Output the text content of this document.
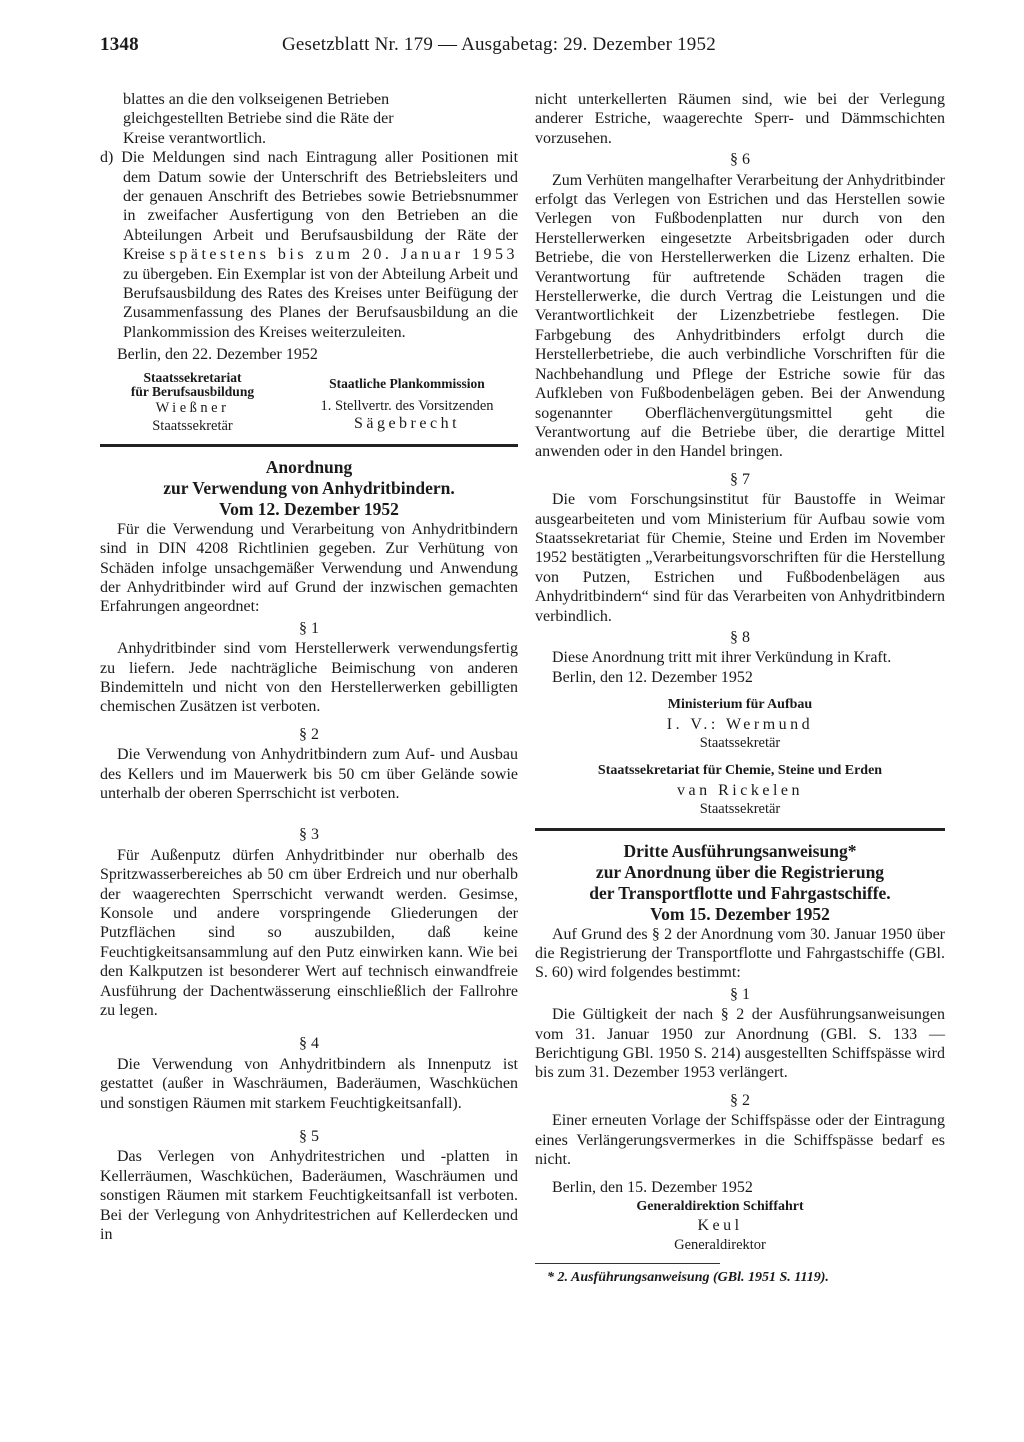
1348	Gesetzblatt Nr. 179 — Ausgabetag: 29. Dezember 1952
blattes an die den volkseigenen Betrieben
gleichgestellten Betriebe sind die Räte der
Kreise verantwortlich.
d) Die Meldungen sind nach Eintragung aller Positionen mit dem Datum sowie der Unterschrift des Betriebsleiters und der genauen Anschrift des Betriebes sowie Betriebsnummer in zweifacher Ausfertigung von den Betrieben an die Abteilungen Arbeit und Berufsausbildung der Räte der Kreise spätestens bis zum 20. Januar 1953 zu übergeben. Ein Exemplar ist von der Abteilung Arbeit und Berufsausbildung des Rates des Kreises unter Beifügung der Zusammenfassung des Planes der Berufsausbildung an die Plankommission des Kreises weiterzuleiten.
Berlin, den 22. Dezember 1952
Staatssekretariat
für Berufsausbildung
Wießner
Staatssekretär
Staatliche Plankommission
1. Stellvertr. des Vorsitzenden
Sägebrecht
Anordnung
zur Verwendung von Anhydritbindern.
Vom 12. Dezember 1952
Für die Verwendung und Verarbeitung von Anhydritbindern sind in DIN 4208 Richtlinien gegeben. Zur Verhütung von Schäden infolge unsachgemäßer Verwendung und Anwendung der Anhydritbinder wird auf Grund der inzwischen gemachten Erfahrungen angeordnet:
§ 1
Anhydritbinder sind vom Herstellerwerk verwendungsfertig zu liefern. Jede nachträgliche Beimischung von anderen Bindemitteln und nicht von den Herstellerwerken gebilligten chemischen Zusätzen ist verboten.
§ 2
Die Verwendung von Anhydritbindern zum Auf- und Ausbau des Kellers und im Mauerwerk bis 50 cm über Gelände sowie unterhalb der oberen Sperrschicht ist verboten.
§ 3
Für Außenputz dürfen Anhydritbinder nur oberhalb des Spritzwasserbereiches ab 50 cm über Erdreich und nur oberhalb der waagerechten Sperrschicht verwandt werden. Gesimse, Konsole und andere vorspringende Gliederungen der Putzflächen sind so auszubilden, daß keine Feuchtigkeitsansammlung auf den Putz einwirken kann. Wie bei den Kalkputzen ist besonderer Wert auf technisch einwandfreie Ausführung der Dachentwässerung einschließlich der Fallrohre zu legen.
§ 4
Die Verwendung von Anhydritbindern als Innenputz ist gestattet (außer in Waschräumen, Baderäumen, Waschküchen und sonstigen Räumen mit starkem Feuchtigkeitsanfall).
§ 5
Das Verlegen von Anhydritestrichen und -platten in Kellerräumen, Waschküchen, Baderäumen, Waschräumen und sonstigen Räumen mit starkem Feuchtigkeitsanfall ist verboten. Bei der Verlegung von Anhydritestrichen auf Kellerdecken und in
nicht unterkellerten Räumen sind, wie bei der Verlegung anderer Estriche, waagerechte Sperr- und Dämmschichten vorzusehen.
§ 6
Zum Verhüten mangelhafter Verarbeitung der Anhydritbinder erfolgt das Verlegen von Estrichen und das Herstellen sowie Verlegen von Fußbodenplatten nur durch von den Herstellerwerken eingesetzte Arbeitsbrigaden oder durch Betriebe, die von Herstellerwerken die Lizenz erhalten. Die Verantwortung für auftretende Schäden tragen die Herstellerwerke, die durch Vertrag die Leistungen und die Verantwortlichkeit der Lizenzbetriebe festlegen. Die Farbgebung des Anhydritbinders erfolgt durch die Herstellerbetriebe, die auch verbindliche Vorschriften für die Nachbehandlung und Pflege der Estriche sowie für das Aufkleben von Fußbodenbelägen geben. Bei der Anwendung sogenannter Oberflächenvergütungsmittel geht die Verantwortung auf die Betriebe über, die derartige Mittel anwenden oder in den Handel bringen.
§ 7
Die vom Forschungsinstitut für Baustoffe in Weimar ausgearbeiteten und vom Ministerium für Aufbau sowie vom Staatssekretariat für Chemie, Steine und Erden im November 1952 bestätigten „Verarbeitungsvorschriften für die Herstellung von Putzen, Estrichen und Fußbodenbelägen aus Anhydritbindern“ sind für das Verarbeiten von Anhydritbindern verbindlich.
§ 8
Diese Anordnung tritt mit ihrer Verkündung in Kraft.
Berlin, den 12. Dezember 1952
Ministerium für Aufbau
I. V.: Wermund
Staatssekretär
Staatssekretariat für Chemie, Steine und Erden
van Rickelen
Staatssekretär
Dritte Ausführungsanweisung*
zur Anordnung über die Registrierung
der Transportflotte und Fahrgastschiffe.
Vom 15. Dezember 1952
Auf Grund des § 2 der Anordnung vom 30. Januar 1950 über die Registrierung der Transportflotte und Fahrgastschiffe (GBl. S. 60) wird folgendes bestimmt:
§ 1
Die Gültigkeit der nach § 2 der Ausführungsanweisungen vom 31. Januar 1950 zur Anordnung (GBl. S. 133 — Berichtigung GBl. 1950 S. 214) ausgestellten Schiffspässe wird bis zum 31. Dezember 1953 verlängert.
§ 2
Einer erneuten Vorlage der Schiffspässe oder der Eintragung eines Verlängerungsvermerkes in die Schiffspässe bedarf es nicht.
Berlin, den 15. Dezember 1952
Generaldirektion Schiffahrt
Keul
Generaldirektor
* 2. Ausführungsanweisung (GBl. 1951 S. 1119).
